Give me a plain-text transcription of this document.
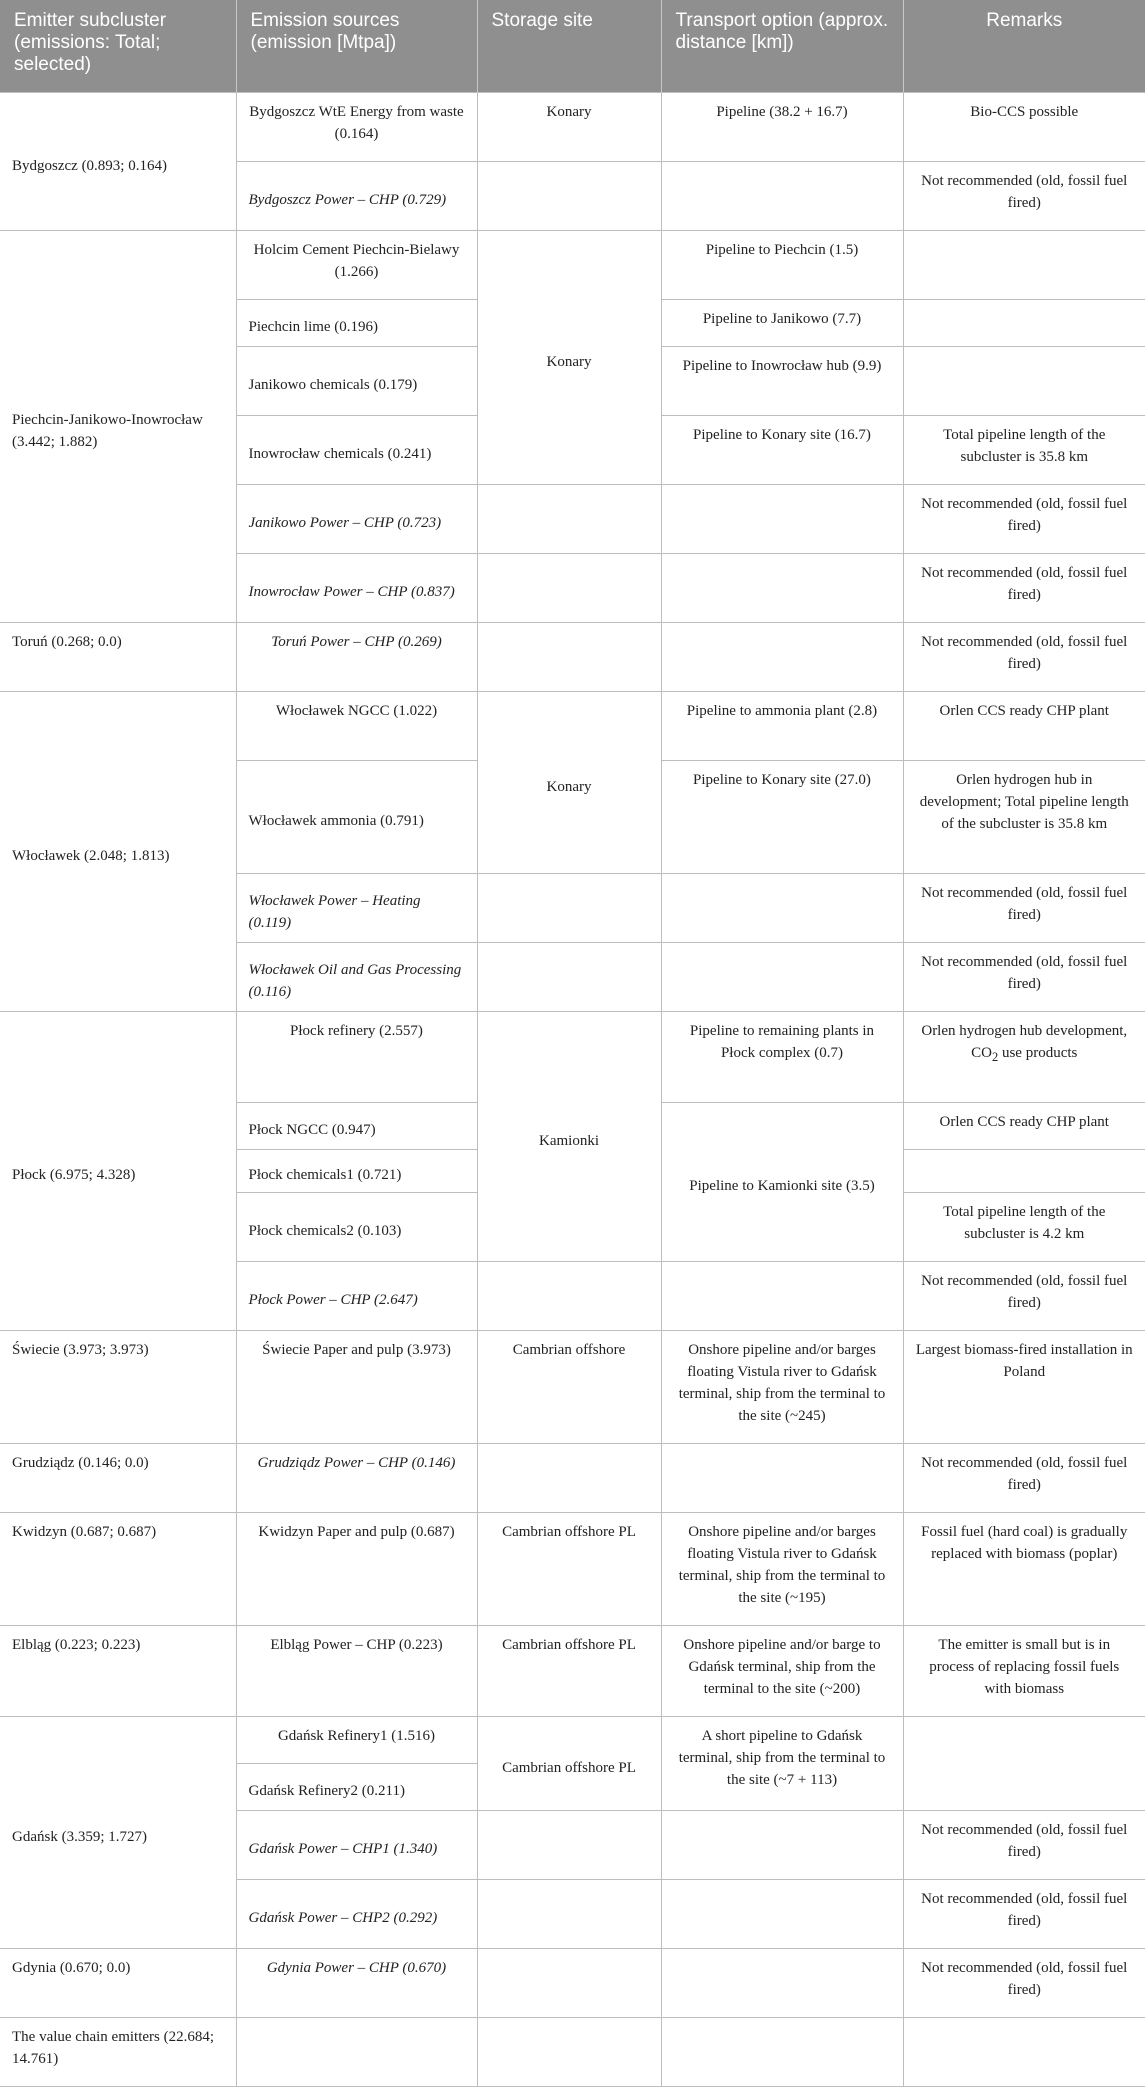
Emitter subcluster (emissions: Total; selected)	Emission sources (emission [Mtpa])	Storage site	Transport option (approx. distance [km])	Remarks
Bydgoszcz (0.893; 0.164)	Bydgoszcz WtE Energy from waste (0.164)	Konary	Pipeline (38.2 + 16.7)	Bio-CCS possible
	Bydgoszcz Power – CHP (0.729)			Not recommended (old, fossil fuel fired)
Piechcin-Janikowo-Inowrocław (3.442; 1.882)	Holcim Cement Piechcin-Bielawy (1.266)	Konary	Pipeline to Piechcin (1.5)	
	Piechcin lime (0.196)		Pipeline to Janikowo (7.7)	
	Janikowo chemicals (0.179)		Pipeline to Inowrocław hub (9.9)	
	Inowrocław chemicals (0.241)		Pipeline to Konary site (16.7)	Total pipeline length of the subcluster is 35.8 km
	Janikowo Power – CHP (0.723)			Not recommended (old, fossil fuel fired)
	Inowrocław Power – CHP (0.837)			Not recommended (old, fossil fuel fired)
Toruń (0.268; 0.0)	Toruń Power – CHP (0.269)			Not recommended (old, fossil fuel fired)
Włocławek (2.048; 1.813)	Włocławek NGCC (1.022)	Konary	Pipeline to ammonia plant (2.8)	Orlen CCS ready CHP plant
	Włocławek ammonia (0.791)		Pipeline to Konary site (27.0)	Orlen hydrogen hub in development; Total pipeline length of the subcluster is 35.8 km
	Włocławek Power – Heating (0.119)			Not recommended (old, fossil fuel fired)
	Włocławek Oil and Gas Processing (0.116)			Not recommended (old, fossil fuel fired)
Płock (6.975; 4.328)	Płock refinery (2.557)	Kamionki	Pipeline to remaining plants in Płock complex (0.7)	Orlen hydrogen hub development, $CO_2$ use products
	Płock NGCC (0.947)		Pipeline to Kamionki site (3.5)	Orlen CCS ready CHP plant
	Płock chemicals1 (0.721)			
	Płock chemicals2 (0.103)			Total pipeline length of the subcluster is 4.2 km
	Płock Power – CHP (2.647)			Not recommended (old, fossil fuel fired)
Świecie (3.973; 3.973)	Świecie Paper and pulp (3.973)	Cambrian offshore	Onshore pipeline and/or barges floating Vistula river to Gdańsk terminal, ship from the terminal to the site (~245)	Largest biomass-fired installation in Poland
Grudziądz (0.146; 0.0)	Grudziądz Power – CHP (0.146)			Not recommended (old, fossil fuel fired)
Kwidzyn (0.687; 0.687)	Kwidzyn Paper and pulp (0.687)	Cambrian offshore PL	Onshore pipeline and/or barges floating Vistula river to Gdańsk terminal, ship from the terminal to the site (~195)	Fossil fuel (hard coal) is gradually replaced with biomass (poplar)
Elbląg (0.223; 0.223)	Elbląg Power – CHP (0.223)	Cambrian offshore PL	Onshore pipeline and/or barge to Gdańsk terminal, ship from the terminal to the site (~200)	The emitter is small but is in process of replacing fossil fuels with biomass
Gdańsk (3.359; 1.727)	Gdańsk Refinery1 (1.516)	Cambrian offshore PL	A short pipeline to Gdańsk terminal, ship from the terminal to the site (~7 + 113)	
	Gdańsk Refinery2 (0.211)			
	Gdańsk Power – CHP1 (1.340)			Not recommended (old, fossil fuel fired)
	Gdańsk Power – CHP2 (0.292)			Not recommended (old, fossil fuel fired)
Gdynia (0.670; 0.0)	Gdynia Power – CHP (0.670)			Not recommended (old, fossil fuel fired)
The value chain emitters (22.684; 14.761)				
